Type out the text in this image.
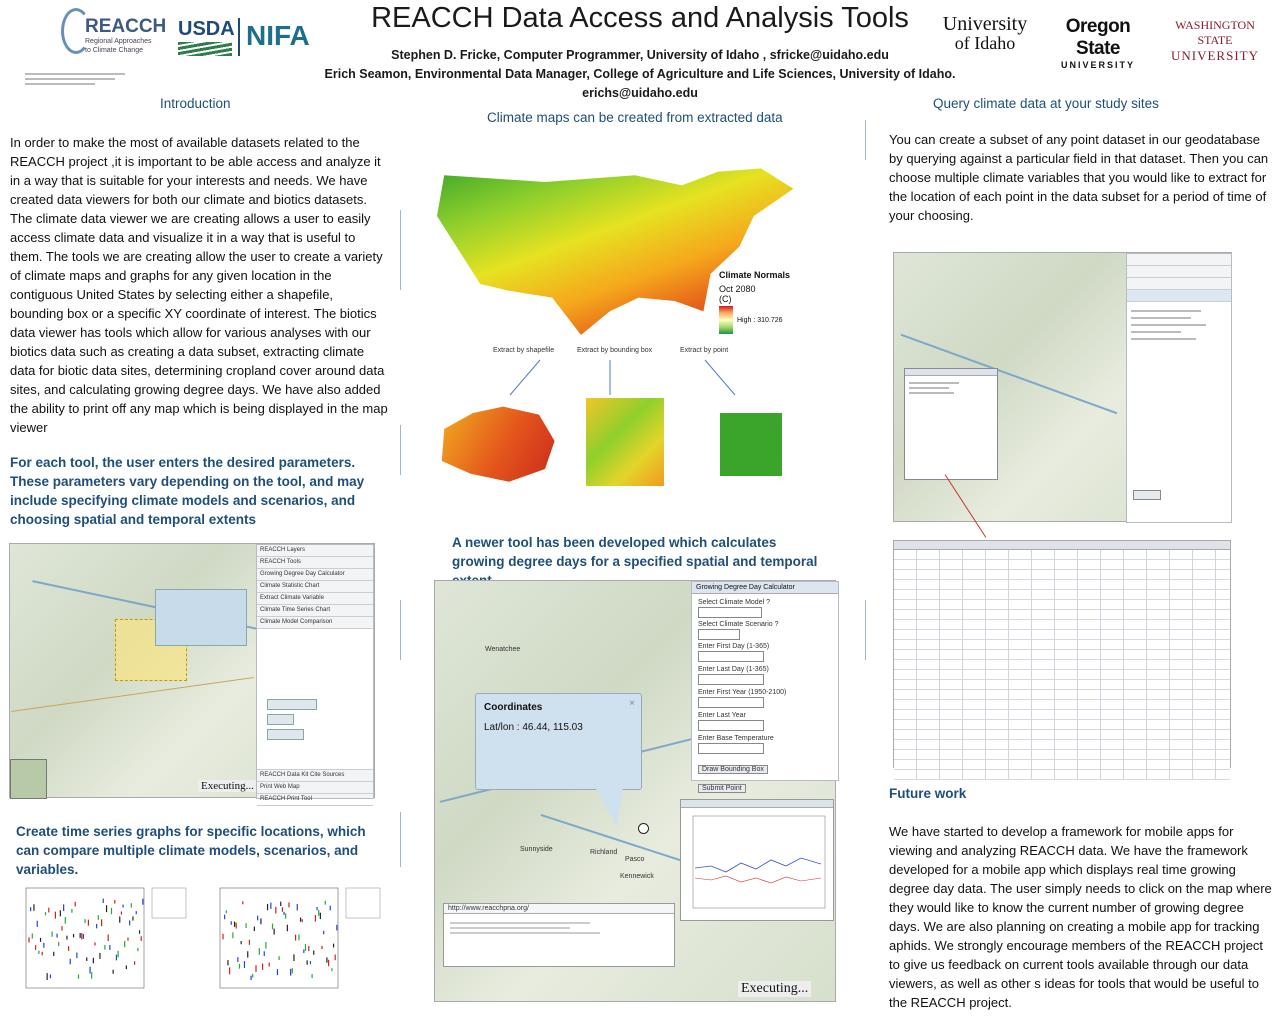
REACCH
Regional Approaches
to Climate Change
USDA NIFA	University
of Idaho
Oregon State
UNIVERSITY
WASHINGTON STATE
UNIVERSITY
REACCH Data Access and Analysis Tools
Stephen D. Fricke, Computer Programmer, University of Idaho , sfricke@uidaho.edu
Erich Seamon, Environmental Data Manager, College of Agriculture and Life Sciences, University of Idaho.
erichs@uidaho.edu
Introduction
In order to make the most of available datasets related to the REACCH project ,it is important to be able access and analyze it in a way that is suitable for your interests and needs. We have created data viewers for both our climate and biotics datasets. The climate data viewer we are creating allows a user to easily access climate data and visualize it in a way that is useful to them. The tools we are creating allow the user to create a variety of climate maps and graphs for any given location in the contiguous United States by selecting either a shapefile, bounding box or a specific XY coordinate of interest. The biotics data viewer has tools which allow for various analyses with our biotics data such as creating a data subset, extracting climate data for biotic data sites, determining cropland cover around data sites, and calculating growing degree days. We have also added the ability to print off any map which is being displayed in the map viewer
For each tool, the user enters the desired parameters. These parameters vary depending on the tool, and may include specifying climate models and scenarios, and choosing spatial and temporal extents
Executing...
REACCH Layers
REACCH Tools
Growing Degree Day Calculator
Climate Statistic Chart
Extract Climate Variable
Climate Time Series Chart
Climate Model Comparison
REACCH Data Kit Cite Sources
Print Web Map
REACCH Print Tool
Create time series graphs for specific locations, which can compare multiple climate models, scenarios, and variables.
Climate maps can be created from extracted data
Climate Normals
Oct 2080
(C)
High : 310.726
Extract by shapefile	Extract by bounding box	Extract by point
A newer tool has been developed which calculates growing degree days for a specified spatial and temporal
Wenatchee
Richland
Pasco
Kennewick
Sunnyside
Coordinates
Lat/lon : 46.44, 115.03
×
Growing Degree Day Calculator
Select Climate Model ?
Select Climate Scenario ?
Enter First Day (1-365)
Enter Last Day (1-365)
Enter First Year (1950-2100)
Enter Last Year
Enter Base Temperature
Draw Bounding Box
Submit Point
http://www.reacchpna.org/
Executing...
Query climate data at your study sites
You can create a subset of any point dataset in our geodatabase by querying against a particular field in that dataset. Then you can choose multiple climate variables that you would like to extract for the location of each point in the data subset for a period of time of your choosing.
Future work
We have started to develop a framework for mobile apps for viewing and analyzing REACCH data. We have the framework developed for a mobile app which displays real time growing degree day data. The user simply needs to click on the map where they would like to know the current number of growing degree days. We are also planning on creating a mobile app for tracking aphids. We strongly encourage members of the REACCH project to give us feedback on current tools available through our data viewers, as well as other s ideas for tools that would be useful to the REACCH project.
